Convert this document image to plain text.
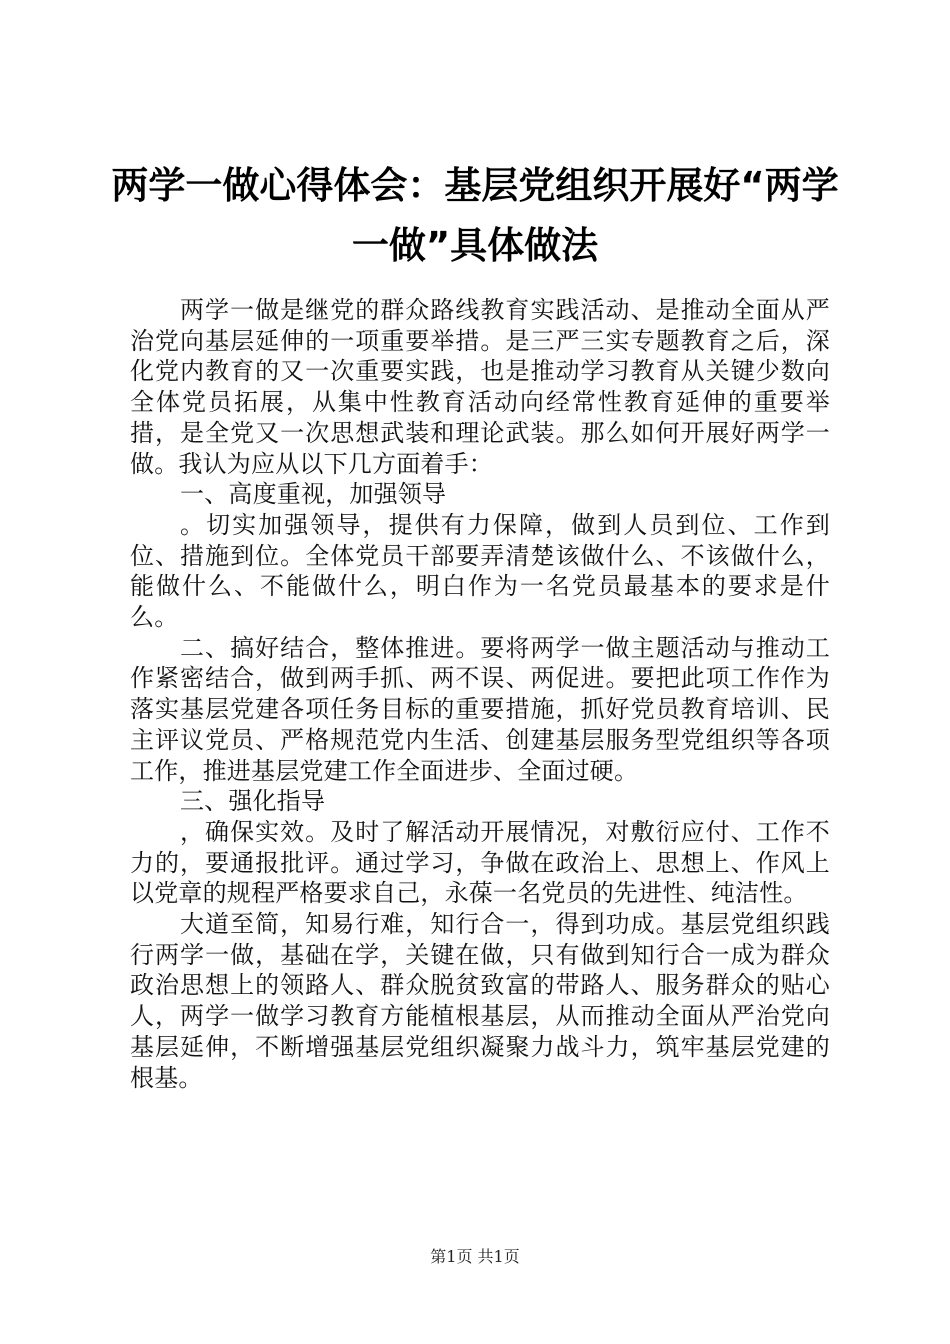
两学一做心得体会：基层党组织开展好“两学一做”具体做法

两学一做是继党的群众路线教育实践活动、是推动全面从严治党向基层延伸的一项重要举措。是三严三实专题教育之后，深化党内教育的又一次重要实践，也是推动学习教育从关键少数向全体党员拓展，从集中性教育活动向经常性教育延伸的重要举措，是全党又一次思想武装和理论武装。那么如何开展好两学一做。我认为应从以下几方面着手：

一、高度重视，加强领导

。切实加强领导，提供有力保障，做到人员到位、工作到位、措施到位。全体党员干部要弄清楚该做什么、不该做什么，能做什么、不能做什么，明白作为一名党员最基本的要求是什么。

二、搞好结合，整体推进。要将两学一做主题活动与推动工作紧密结合，做到两手抓、两不误、两促进。要把此项工作作为落实基层党建各项任务目标的重要措施，抓好党员教育培训、民主评议党员、严格规范党内生活、创建基层服务型党组织等各项工作，推进基层党建工作全面进步、全面过硬。

三、强化指导

，确保实效。及时了解活动开展情况，对敷衍应付、工作不力的，要通报批评。通过学习，争做在政治上、思想上、作风上以党章的规程严格要求自己，永葆一名党员的先进性、纯洁性。

大道至简，知易行难，知行合一，得到功成。基层党组织践行两学一做，基础在学，关键在做，只有做到知行合一成为群众政治思想上的领路人、群众脱贫致富的带路人、服务群众的贴心人，两学一做学习教育方能植根基层，从而推动全面从严治党向基层延伸，不断增强基层党组织凝聚力战斗力，筑牢基层党建的根基。

第1页 共1页
